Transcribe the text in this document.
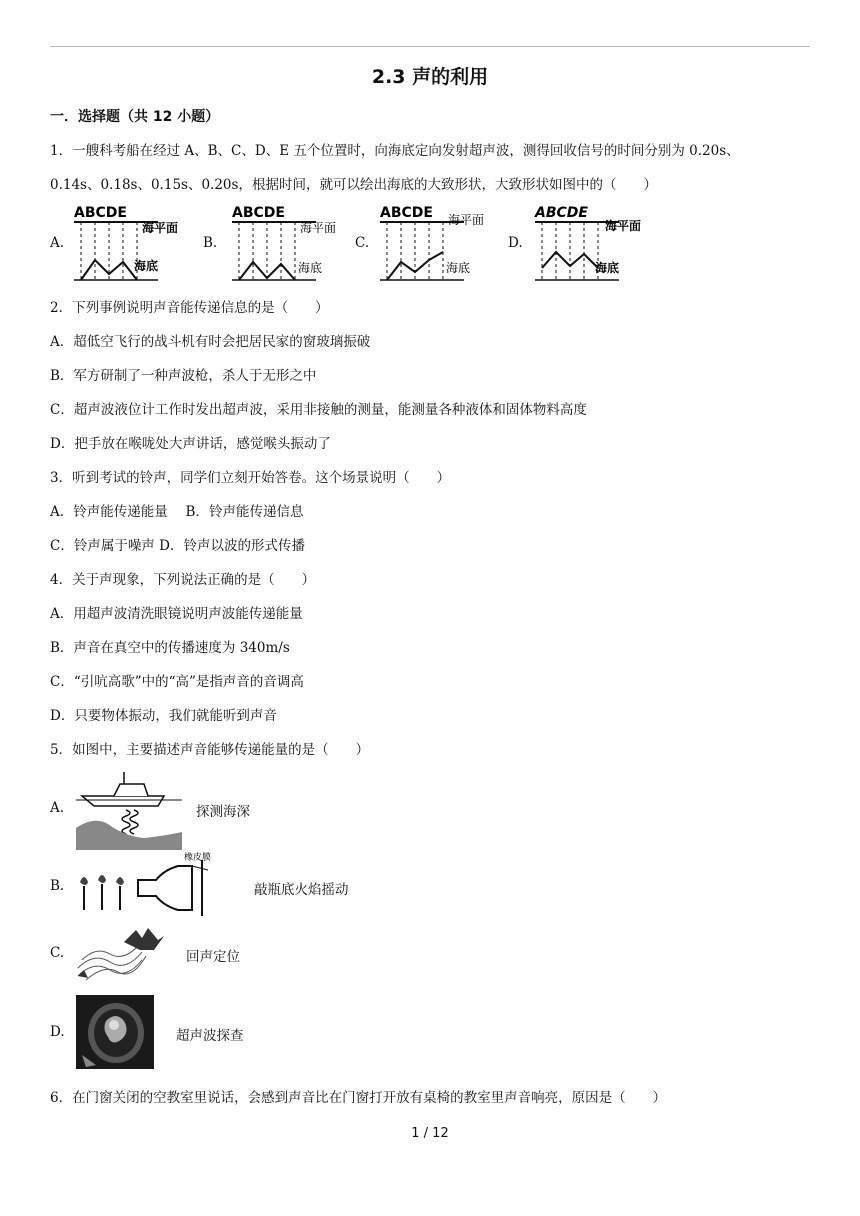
2.3 声的利用
一．选择题（共 12 小题）
1．一艘科考船在经过 A、B、C、D、E 五个位置时，向海底定向发射超声波，测得回收信号的时间分别为 0.20s、
0.14s、0.18s、0.15s、0.20s，根据时间，就可以绘出海底的大致形状，大致形状如图中的（　　）
A.
ABCDE
海平面
海底
B.
ABCDE
海平面
海底
C.
ABCDE 海平面
海底
D.
ABCDE
海平面
海底
2．下列事例说明声音能传递信息的是（　　）
A．超低空飞行的战斗机有时会把居民家的窗玻璃振破
B．军方研制了一种声波枪，杀人于无形之中
C．超声波液位计工作时发出超声波，采用非接触的测量，能测量各种液体和固体物料高度
D．把手放在喉咙处大声讲话，感觉喉头振动了
3．听到考试的铃声，同学们立刻开始答卷。这个场景说明（　　）
A．铃声能传递能量　 B．铃声能传递信息
C．铃声属于噪声 D．铃声以波的形式传播
4．关于声现象，下列说法正确的是（　　）
A．用超声波清洗眼镜说明声波能传递能量
B．声音在真空中的传播速度为 340m/s
C．“引吭高歌”中的“高”是指声音的音调高
D．只要物体振动，我们就能听到声音
5．如图中，主要描述声音能够传递能量的是（　　）
A.	探测海深
B.
橡皮膜
敲瓶底火焰摇动
C.	回声定位
D.	超声波探查
6．在门窗关闭的空教室里说话，会感到声音比在门窗打开放有桌椅的教室里声音响亮，原因是（　　）
1 / 12
